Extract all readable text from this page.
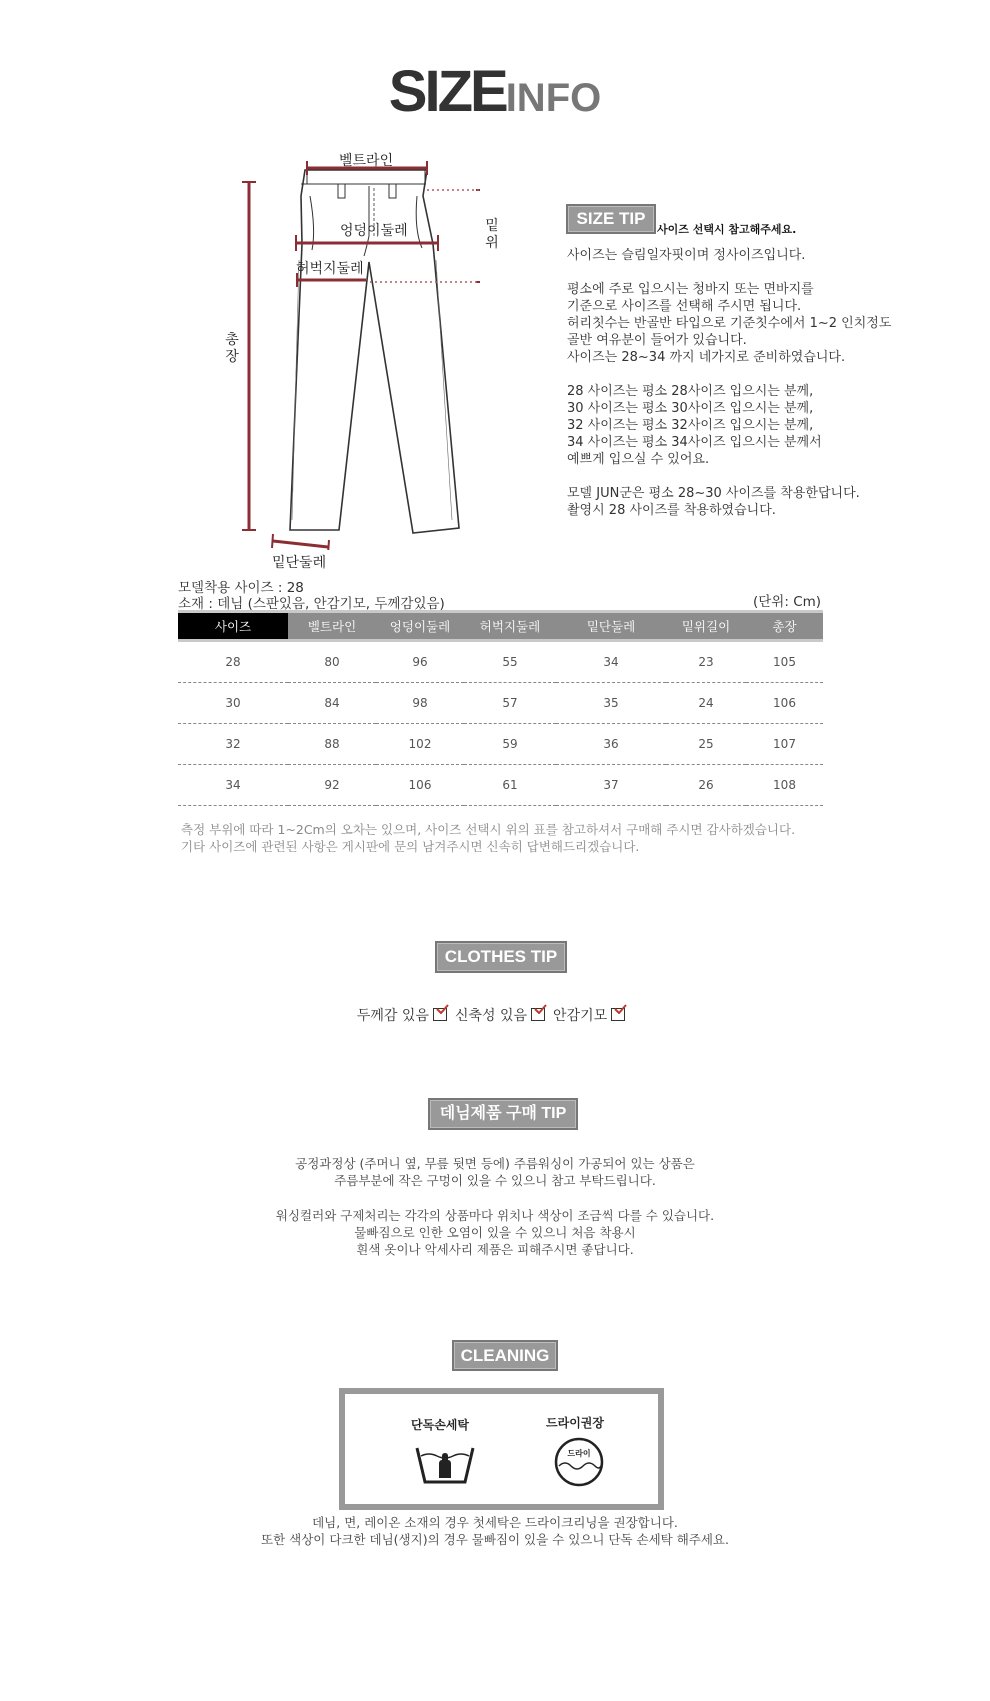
SIZEINFO
벨트라인
엉덩이둘레
허벅지둘레
밑위
총장
밑단둘레
SIZE TIP
사이즈 선택시 참고해주세요.

사이즈는 슬림일자핏이며 정사이즈입니다.

평소에 주로 입으시는 청바지 또는 면바지를
기준으로 사이즈를 선택해 주시면 됩니다.
허리칫수는 반골반 타입으로 기준칫수에서 1~2 인치정도
골반 여유분이 들어가 있습니다.
사이즈는 28~34 까지 네가지로 준비하였습니다.

28 사이즈는 평소 28사이즈 입으시는 분께,
30 사이즈는 평소 30사이즈 입으시는 분께,
32 사이즈는 평소 32사이즈 입으시는 분께,
34 사이즈는 평소 34사이즈 입으시는 분께서
예쁘게 입으실 수 있어요.

모델 JUN군은 평소 28~30 사이즈를 착용한답니다.
촬영시 28 사이즈를 착용하였습니다.

모델착용 사이즈 : 28
소재 : 데님 (스판있음, 안감기모, 두께감있음)	(단위: Cm)
사이즈	벨트라인	엉덩이둘레	허벅지둘레	밑단둘레	밑위길이	총장
28	80	96	55	34	23	105
30	84	98	57	35	24	106
32	88	102	59	36	25	107
34	92	106	61	37	26	108
측정 부위에 따라 1~2Cm의 오차는 있으며, 사이즈 선택시 위의 표를 참고하셔서 구매해 주시면 감사하겠습니다.
기타 사이즈에 관련된 사항은 게시판에 문의 남겨주시면 신속히 답변해드리겠습니다.
CLOTHES TIP
두께감 있음 신축성 있음 안감기모
데님제품 구매 TIP
공정과정상 (주머니 옆, 무릎 뒷면 등에) 주름워싱이 가공되어 있는 상품은
주름부분에 작은 구멍이 있을 수 있으니 참고 부탁드립니다.
워싱컬러와 구제처리는 각각의 상품마다 위치나 색상이 조금씩 다를 수 있습니다.
물빠짐으로 인한 오염이 있을 수 있으니 처음 착용시
흰색 옷이나 악세사리 제품은 피해주시면 좋답니다.
CLEANING
단독손세탁	드라이권장
드라이
데님, 면, 레이온 소재의 경우 첫세탁은 드라이크리닝을 권장합니다.
또한 색상이 다크한 데님(생지)의 경우 물빠짐이 있을 수 있으니 단독 손세탁 해주세요.
